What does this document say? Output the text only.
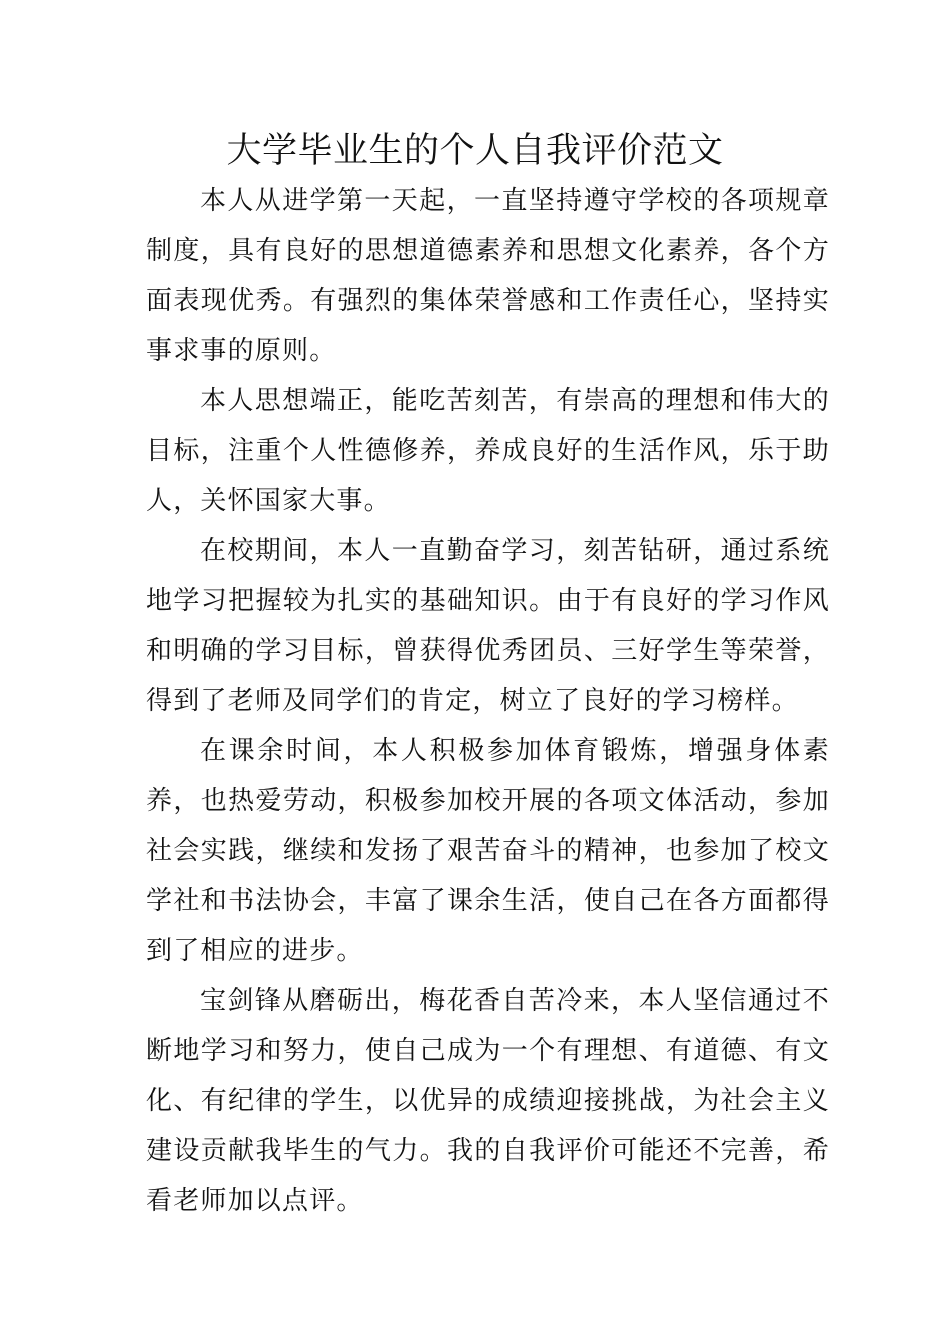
大学毕业生的个人自我评价范文

本人从进学第一天起，一直坚持遵守学校的各项规章制度，具有良好的思想道德素养和思想文化素养，各个方面表现优秀。有强烈的集体荣誉感和工作责任心，坚持实事求事的原则。

本人思想端正，能吃苦刻苦，有崇高的理想和伟大的目标，注重个人性德修养，养成良好的生活作风，乐于助人，关怀国家大事。

在校期间，本人一直勤奋学习，刻苦钻研，通过系统地学习把握较为扎实的基础知识。由于有良好的学习作风和明确的学习目标，曾获得优秀团员、三好学生等荣誉，得到了老师及同学们的肯定，树立了良好的学习榜样。

在课余时间，本人积极参加体育锻炼，增强身体素养，也热爱劳动，积极参加校开展的各项文体活动，参加社会实践，继续和发扬了艰苦奋斗的精神，也参加了校文学社和书法协会，丰富了课余生活，使自己在各方面都得到了相应的进步。

宝剑锋从磨砺出，梅花香自苦冷来，本人坚信通过不断地学习和努力，使自己成为一个有理想、有道德、有文化、有纪律的学生，以优异的成绩迎接挑战，为社会主义建设贡献我毕生的气力。我的自我评价可能还不完善，希看老师加以点评。
